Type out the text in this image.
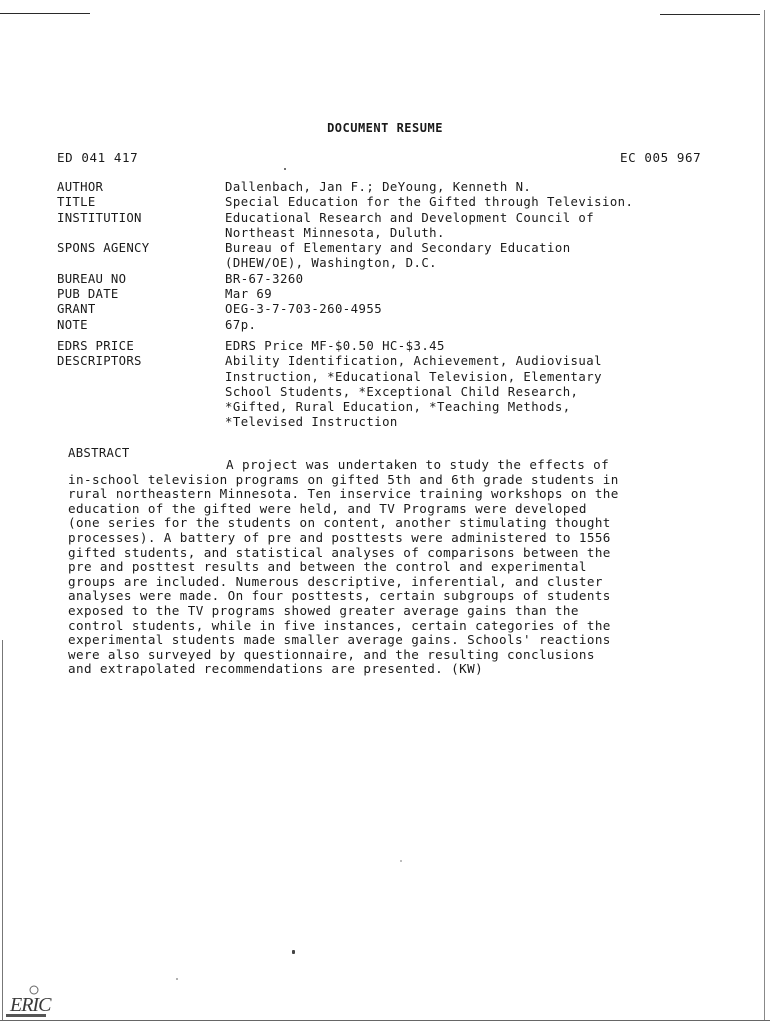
DOCUMENT RESUME
ED 041 417	EC 005 967
AUTHOR	Dallenbach, Jan F.; DeYoung, Kenneth N.
TITLE	Special Education for the Gifted through Television.
INSTITUTION	Educational Research and Development Council of
Northeast Minnesota, Duluth.
SPONS AGENCY	Bureau of Elementary and Secondary Education
(DHEW/OE), Washington, D.C.
BUREAU NO	BR-67-3260
PUB DATE	Mar 69
GRANT	OEG-3-7-703-260-4955
NOTE	67p.
EDRS PRICE	EDRS Price MF-$0.50 HC-$3.45
DESCRIPTORS	Ability Identification, Achievement, Audiovisual
Instruction, *Educational Television, Elementary
School Students, *Exceptional Child Research,
*Gifted, Rural Education, *Teaching Methods,
*Televised Instruction
ABSTRACT
A project was undertaken to study the effects of
in-school television programs on gifted 5th and 6th grade students in
rural northeastern Minnesota. Ten inservice training workshops on the
education of the gifted were held, and TV Programs were developed
(one series for the students on content, another stimulating thought
processes). A battery of pre and posttests were administered to 1556
gifted students, and statistical analyses of comparisons between the
pre and posttest results and between the control and experimental
groups are included. Numerous descriptive, inferential, and cluster
analyses were made. On four posttests, certain subgroups of students
exposed to the TV programs showed greater average gains than the
control students, while in five instances, certain categories of the
experimental students made smaller average gains. Schools' reactions
were also surveyed by questionnaire, and the resulting conclusions
and extrapolated recommendations are presented. (KW)
ERIC
